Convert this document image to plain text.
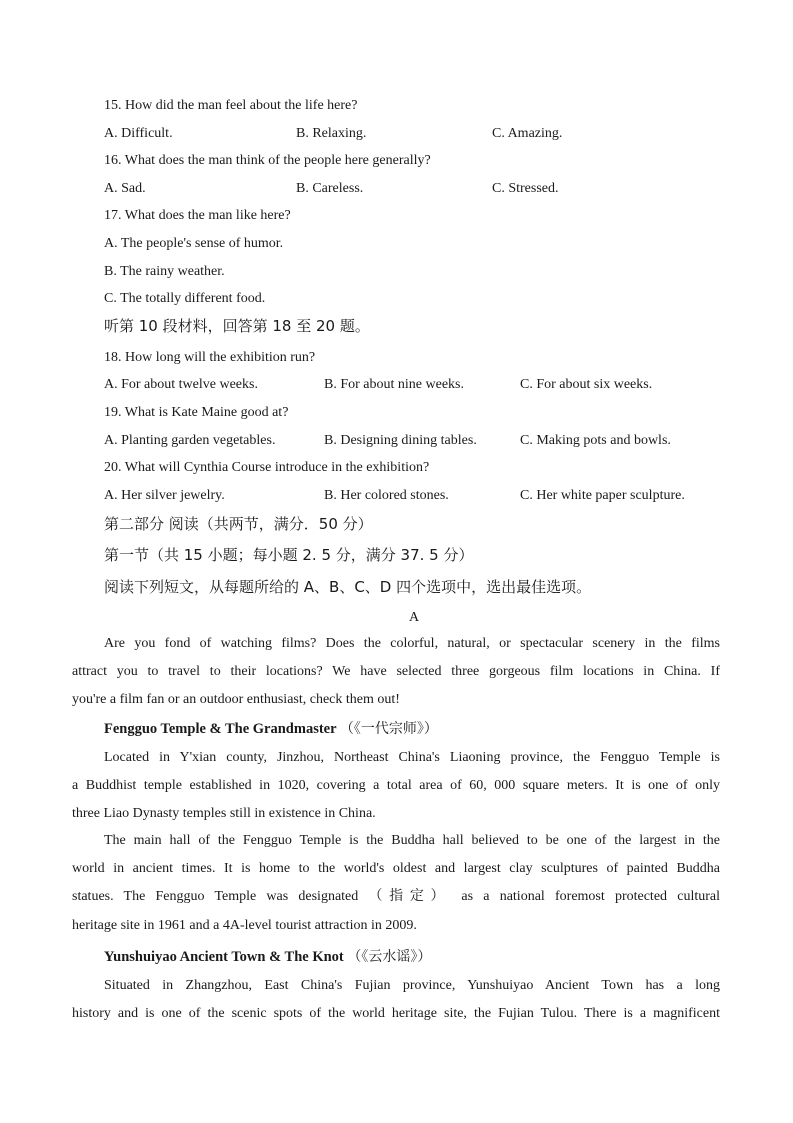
15. How did the man feel about the life here?
A. Difficult.	B. Relaxing.	C. Amazing.
16. What does the man think of the people here generally?
A. Sad.	B. Careless.	C. Stressed.
17. What does the man like here?
A. The people's sense of humor.
B. The rainy weather.
C. The totally different food.
听第 10 段材料，回答第 18 至 20 题。
18. How long will the exhibition run?
A. For about twelve weeks.	B. For about nine weeks.	C. For about six weeks.
19. What is Kate Maine good at?
A. Planting garden vegetables.	B. Designing dining tables.	C. Making pots and bowls.
20. What will Cynthia Course introduce in the exhibition?
A. Her silver jewelry.	B. Her colored stones.	C. Her white paper sculpture.
第二部分 阅读（共两节，满分．50 分）
第一节（共 15 小题；每小题 2. 5 分，满分 37. 5 分）
阅读下列短文，从每题所给的 A、B、C、D 四个选项中，选出最佳选项。
A
Are you fond of watching films? Does the colorful, natural, or spectacular scenery in the films
attract you to travel to their locations? We have selected three gorgeous film locations in China. If
you're a film fan or an outdoor enthusiast, check them out!
Fengguo Temple & The Grandmaster （《一代宗师》）
Located in Y'xian county, Jinzhou, Northeast China's Liaoning province, the Fengguo Temple is
a Buddhist temple established in 1020, covering a total area of 60, 000 square meters. It is one of only
three Liao Dynasty temples still in existence in China.
The main hall of the Fengguo Temple is the Buddha hall believed to be one of the largest in the
world in ancient times. It is home to the world's oldest and largest clay sculptures of painted Buddha
statues. The Fengguo Temple was designated （指定） as a national foremost protected cultural
heritage site in 1961 and a 4A-level tourist attraction in 2009.
Yunshuiyao Ancient Town & The Knot （《云水谣》）
Situated in Zhangzhou, East China's Fujian province, Yunshuiyao Ancient Town has a long
history and is one of the scenic spots of the world heritage site, the Fujian Tulou. There is a magnificent
